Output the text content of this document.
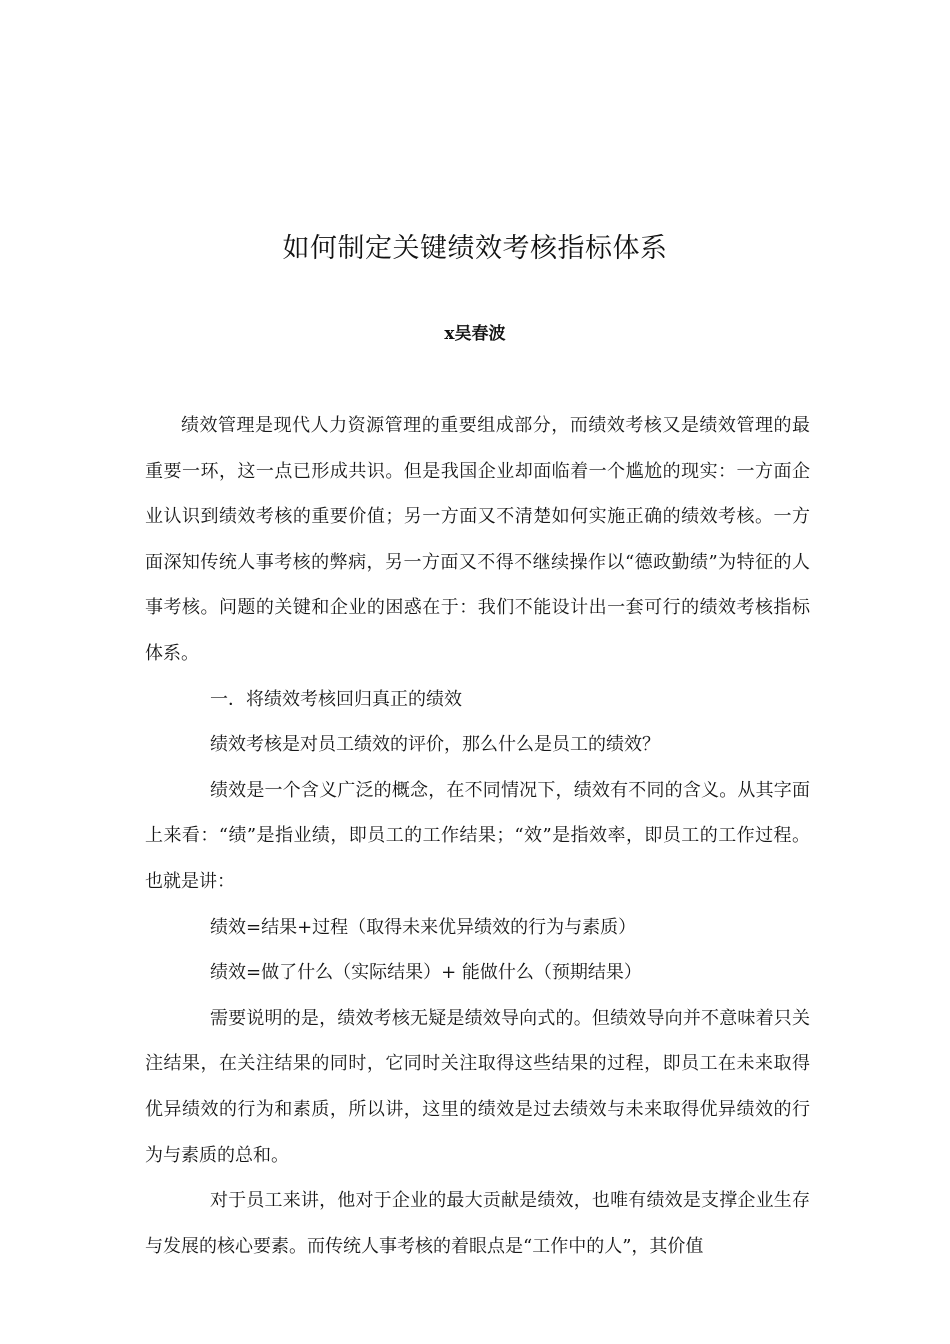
如何制定关键绩效考核指标体系
x吴春波

绩效管理是现代人力资源管理的重要组成部分，而绩效考核又是绩效管理的最重要一环，这一点已形成共识。但是我国企业却面临着一个尴尬的现实：一方面企业认识到绩效考核的重要价值；另一方面又不清楚如何实施正确的绩效考核。一方面深知传统人事考核的弊病，另一方面又不得不继续操作以“德政勤绩”为特征的人事考核。问题的关键和企业的困惑在于：我们不能设计出一套可行的绩效考核指标体系。

一．将绩效考核回归真正的绩效

绩效考核是对员工绩效的评价，那么什么是员工的绩效？

绩效是一个含义广泛的概念，在不同情况下，绩效有不同的含义。从其字面上来看：“绩”是指业绩，即员工的工作结果；“效”是指效率，即员工的工作过程。也就是讲：

绩效=结果+过程（取得未来优异绩效的行为与素质）

绩效=做了什么（实际结果）+ 能做什么（预期结果）

需要说明的是，绩效考核无疑是绩效导向式的。但绩效导向并不意味着只关注结果，在关注结果的同时，它同时关注取得这些结果的过程，即员工在未来取得优异绩效的行为和素质，所以讲，这里的绩效是过去绩效与未来取得优异绩效的行为与素质的总和。

对于员工来讲，他对于企业的最大贡献是绩效，也唯有绩效是支撑企业生存与发展的核心要素。而传统人事考核的着眼点是“工作中的人”，其价值
